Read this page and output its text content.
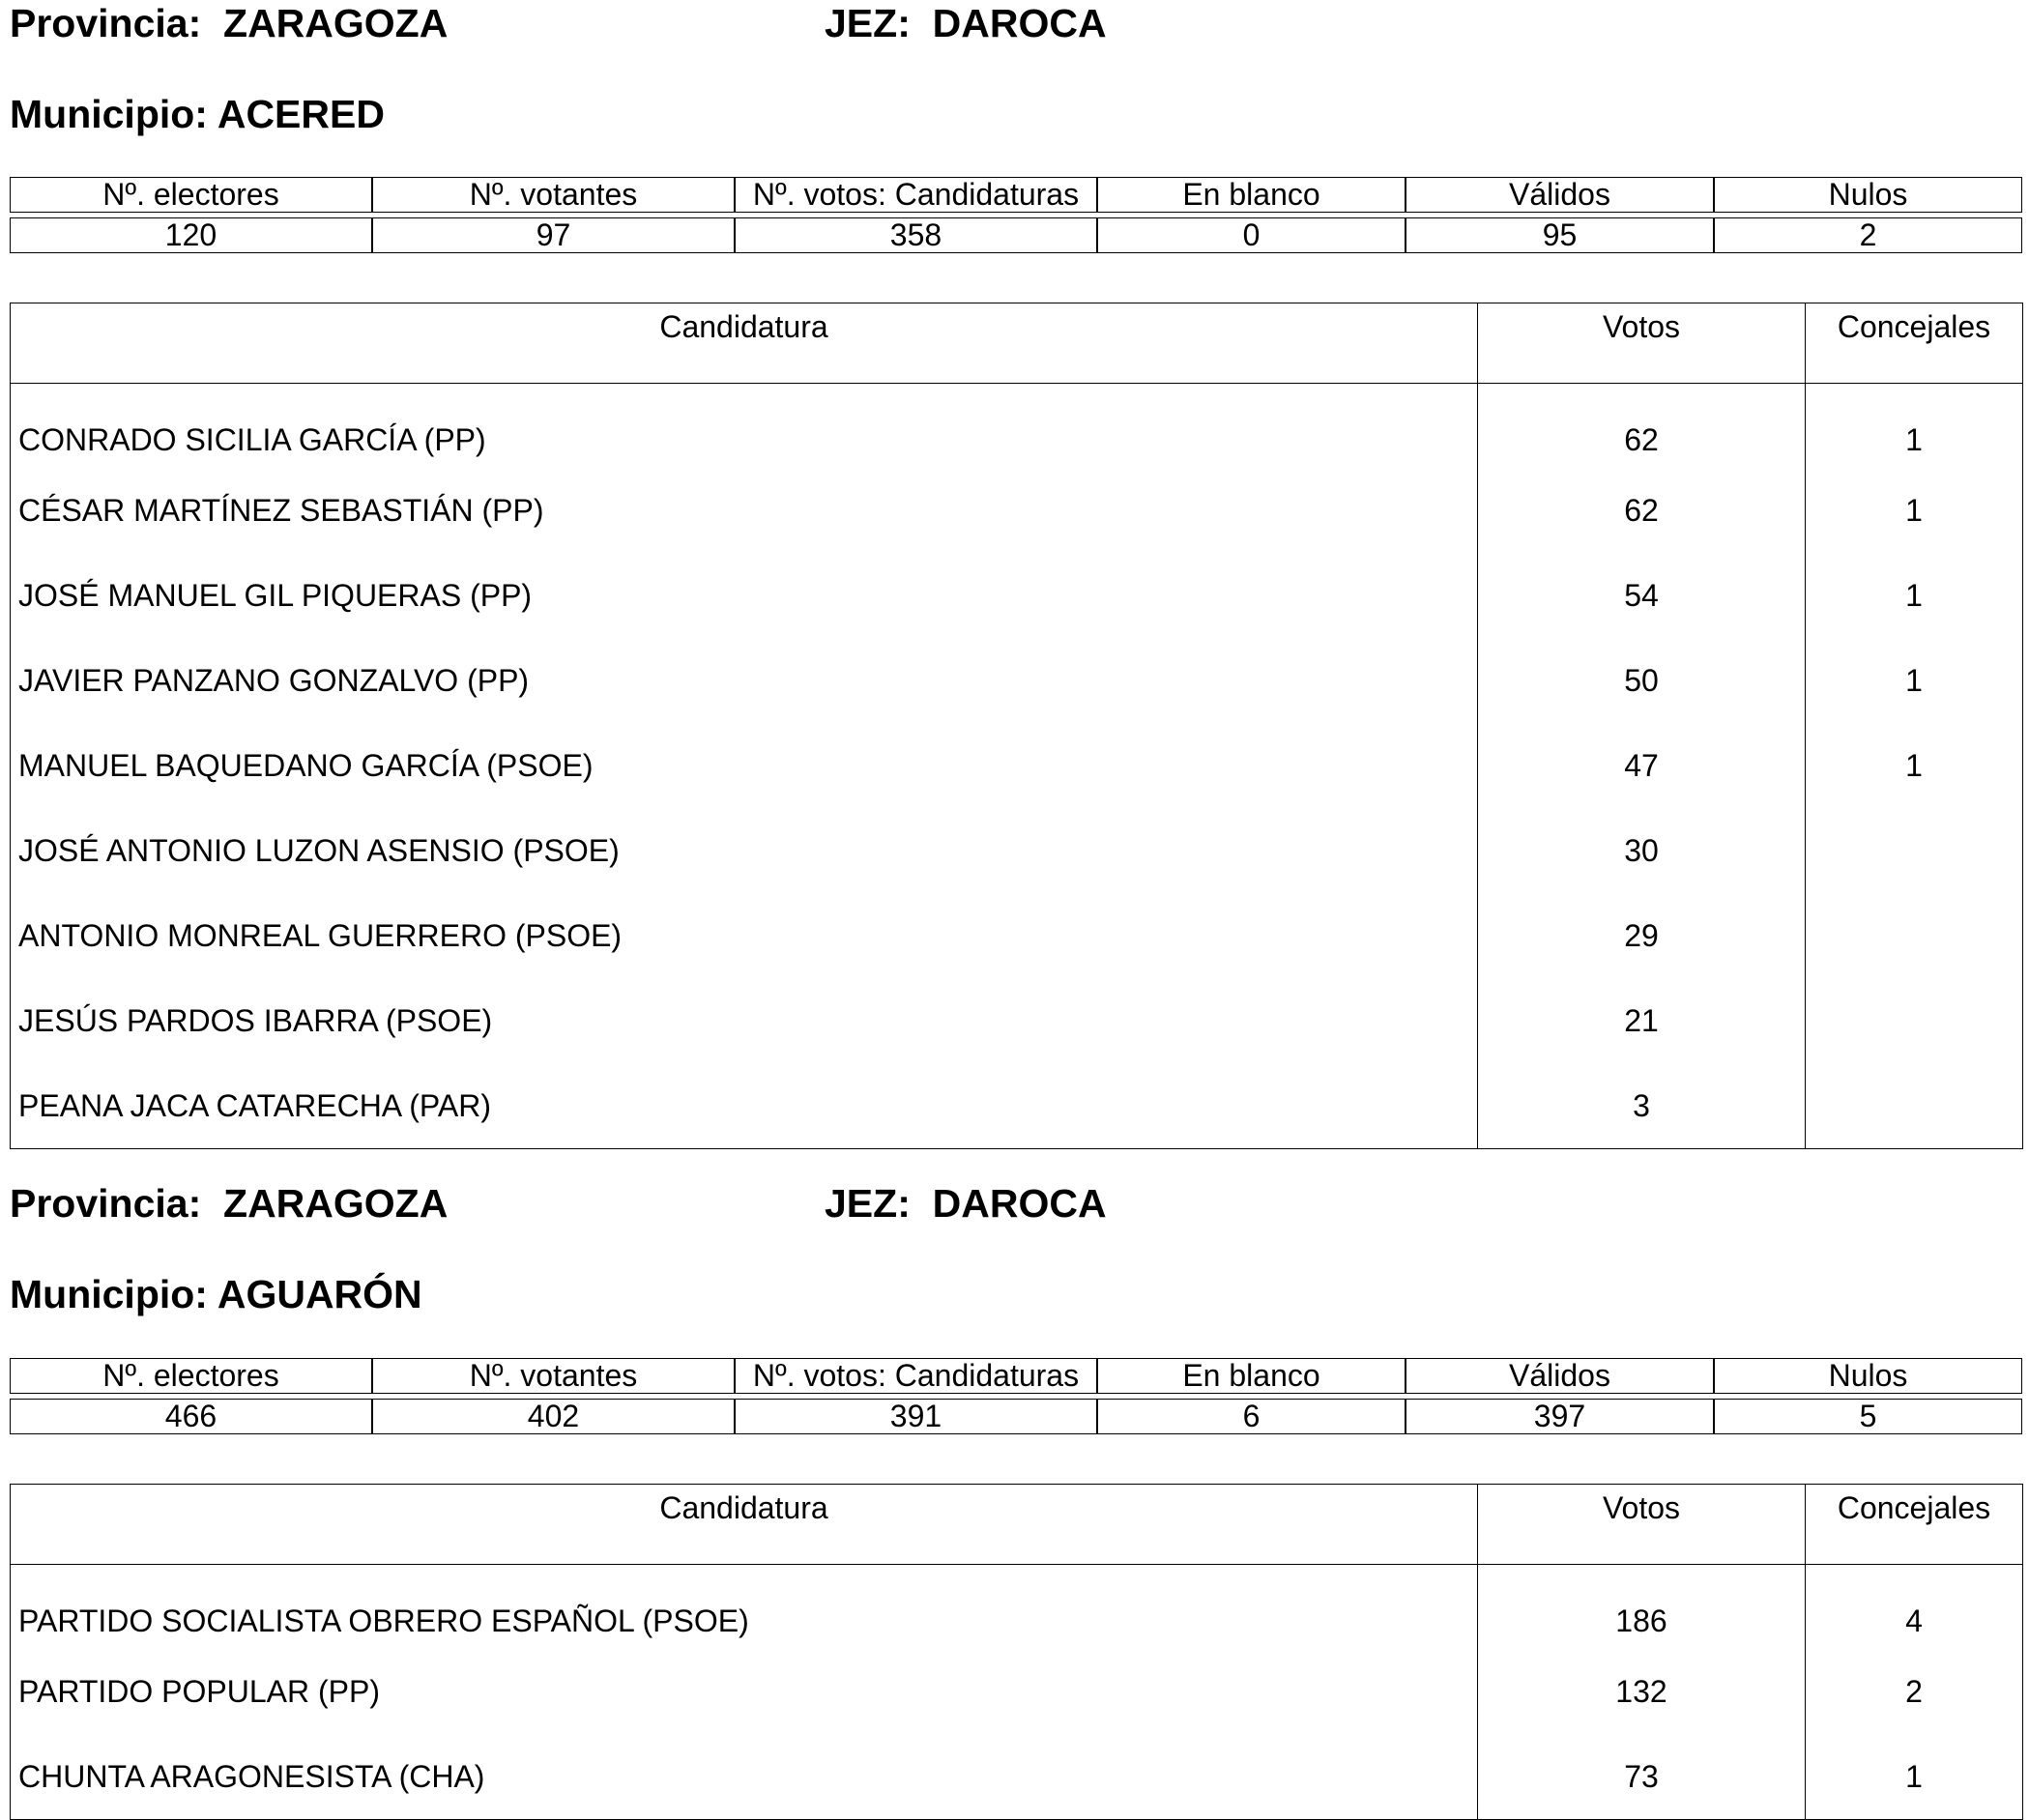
Provincia: ZARAGOZA	JEZ: DAROCA
Municipio: ACERED
Nº. electores	Nº. votantes	Nº. votos: Candidaturas	En blanco	Válidos	Nulos

120	97	358	0	95	2
Candidatura	Votos	Concejales
CONRADO SICILIA GARCÍA (PP)	62	1
CÉSAR MARTÍNEZ SEBASTIÁN (PP)	62	1
JOSÉ MANUEL GIL PIQUERAS (PP)	54	1
JAVIER PANZANO GONZALVO (PP)	50	1
MANUEL BAQUEDANO GARCÍA (PSOE)	47	1
JOSÉ ANTONIO LUZON ASENSIO (PSOE)	30	
ANTONIO MONREAL GUERRERO (PSOE)	29	
JESÚS PARDOS IBARRA (PSOE)	21	
PEANA JACA CATARECHA (PAR)	3	
Provincia: ZARAGOZA	JEZ: DAROCA
Municipio: AGUARÓN
Nº. electores	Nº. votantes	Nº. votos: Candidaturas	En blanco	Válidos	Nulos

466	402	391	6	397	5
Candidatura	Votos	Concejales
PARTIDO SOCIALISTA OBRERO ESPAÑOL (PSOE)	186	4
PARTIDO POPULAR (PP)	132	2
CHUNTA ARAGONESISTA (CHA)	73	1
